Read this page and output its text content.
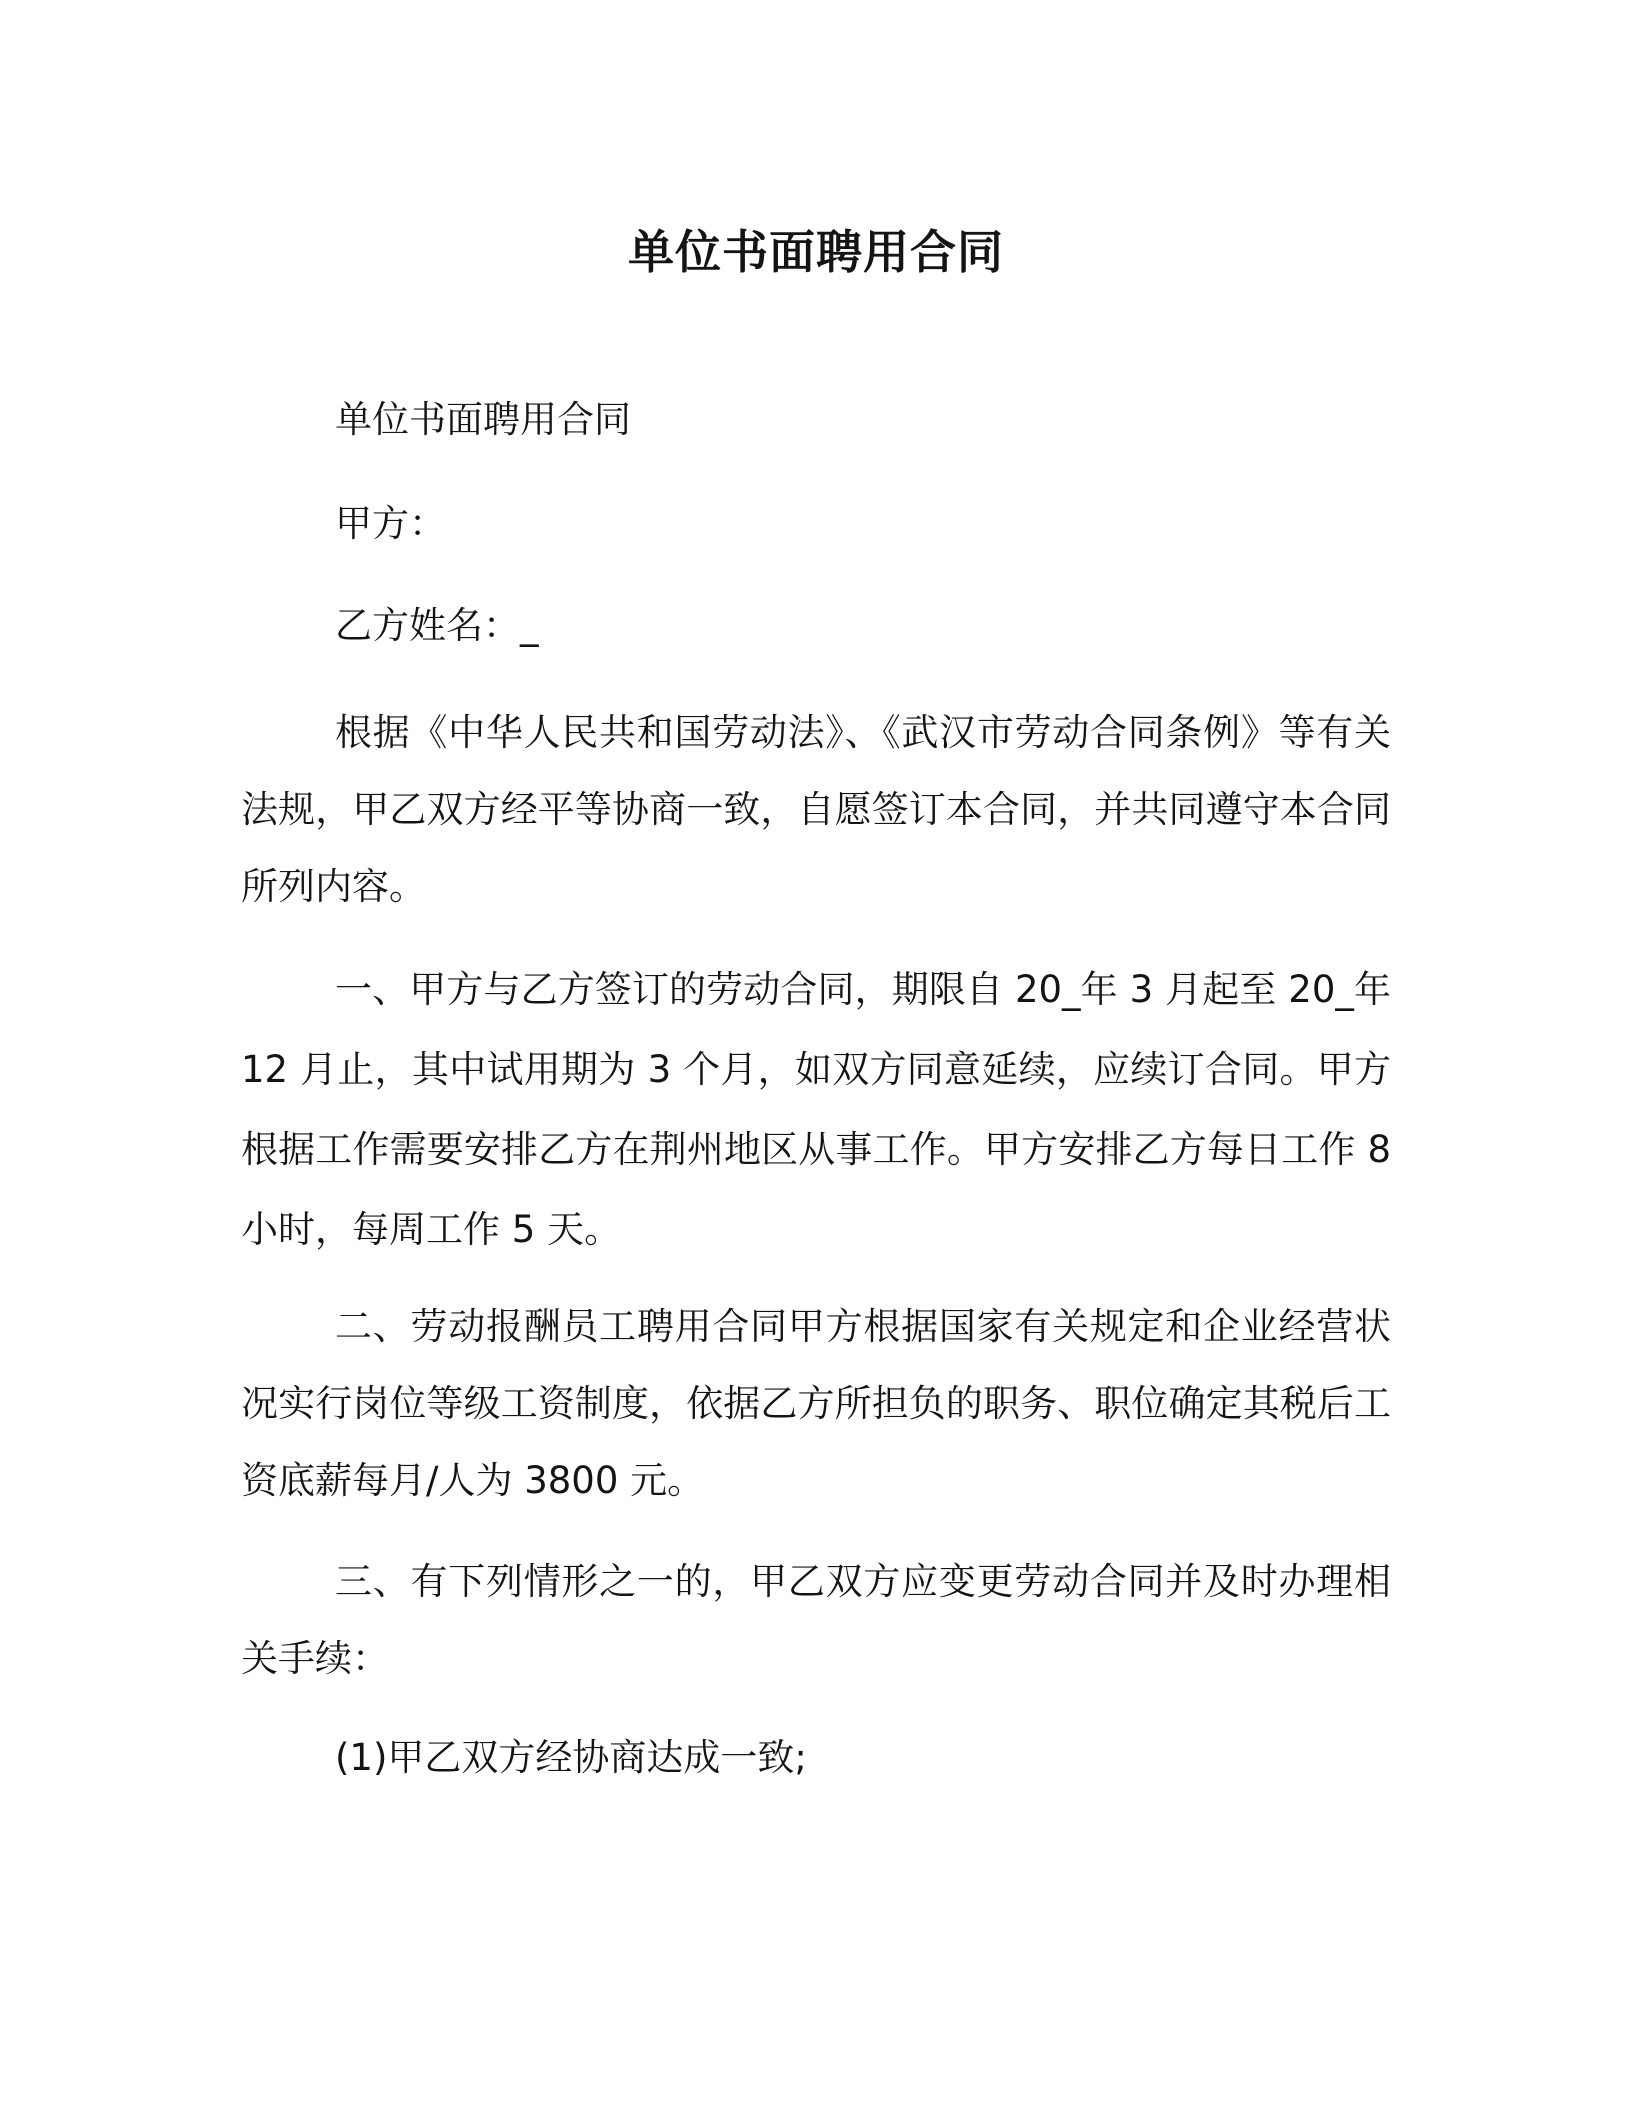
单位书面聘用合同

单位书面聘用合同

甲方：

乙方姓名：_

根据《中华人民共和国劳动法》、《武汉市劳动合同条例》等有关法规，甲乙双方经平等协商一致，自愿签订本合同，并共同遵守本合同所列内容。

一、甲方与乙方签订的劳动合同，期限自 20_年 3 月起至 20_年 12 月止，其中试用期为 3 个月，如双方同意延续，应续订合同。甲方根据工作需要安排乙方在荆州地区从事工作。甲方安排乙方每日工作 8 小时，每周工作 5 天。

二、劳动报酬员工聘用合同甲方根据国家有关规定和企业经营状况实行岗位等级工资制度，依据乙方所担负的职务、职位确定其税后工资底薪每月/人为 3800 元。

三、有下列情形之一的，甲乙双方应变更劳动合同并及时办理相关手续：

(1)甲乙双方经协商达成一致;
